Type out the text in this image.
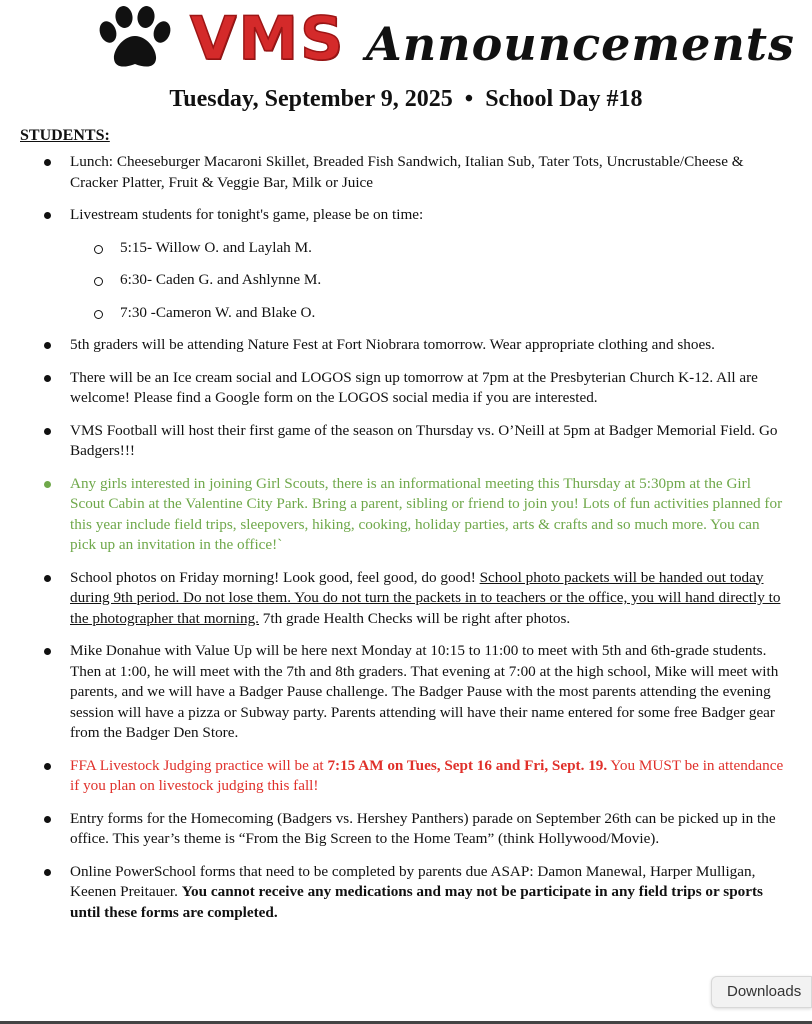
VMS Announcements
Tuesday, September 9, 2025 • School Day #18
STUDENTS:
Lunch: Cheeseburger Macaroni Skillet, Breaded Fish Sandwich, Italian Sub, Tater Tots, Uncrustable/Cheese & Cracker Platter, Fruit & Veggie Bar, Milk or Juice
Livestream students for tonight's game, please be on time:
5:15- Willow O. and Laylah M.
6:30- Caden G. and Ashlynne M.
7:30 -Cameron W. and Blake O.
5th graders will be attending Nature Fest at Fort Niobrara tomorrow. Wear appropriate clothing and shoes.
There will be an Ice cream social and LOGOS sign up tomorrow at 7pm at the Presbyterian Church K-12. All are welcome! Please find a Google form on the LOGOS social media if you are interested.
VMS Football will host their first game of the season on Thursday vs. O’Neill at 5pm at Badger Memorial Field. Go Badgers!!!
Any girls interested in joining Girl Scouts, there is an informational meeting this Thursday at 5:30pm at the Girl Scout Cabin at the Valentine City Park. Bring a parent, sibling or friend to join you! Lots of fun activities planned for this year include field trips, sleepovers, hiking, cooking, holiday parties, arts & crafts and so much more. You can pick up an invitation in the office!`
School photos on Friday morning! Look good, feel good, do good! School photo packets will be handed out today during 9th period. Do not lose them. You do not turn the packets in to teachers or the office, you will hand directly to the photographer that morning. 7th grade Health Checks will be right after photos.
Mike Donahue with Value Up will be here next Monday at 10:15 to 11:00 to meet with 5th and 6th-grade students. Then at 1:00, he will meet with the 7th and 8th graders. That evening at 7:00 at the high school, Mike will meet with parents, and we will have a Badger Pause challenge. The Badger Pause with the most parents attending the evening session will have a pizza or Subway party. Parents attending will have their name entered for some free Badger gear from the Badger Den Store.
FFA Livestock Judging practice will be at 7:15 AM on Tues, Sept 16 and Fri, Sept. 19. You MUST be in attendance if you plan on livestock judging this fall!
Entry forms for the Homecoming (Badgers vs. Hershey Panthers) parade on September 26th can be picked up in the office. This year’s theme is “From the Big Screen to the Home Team” (think Hollywood/Movie).
Online PowerSchool forms that need to be completed by parents due ASAP: Damon Manewal, Harper Mulligan, Keenen Preitauer. You cannot receive any medications and may not be participate in any field trips or sports until these forms are completed.
Downloads
